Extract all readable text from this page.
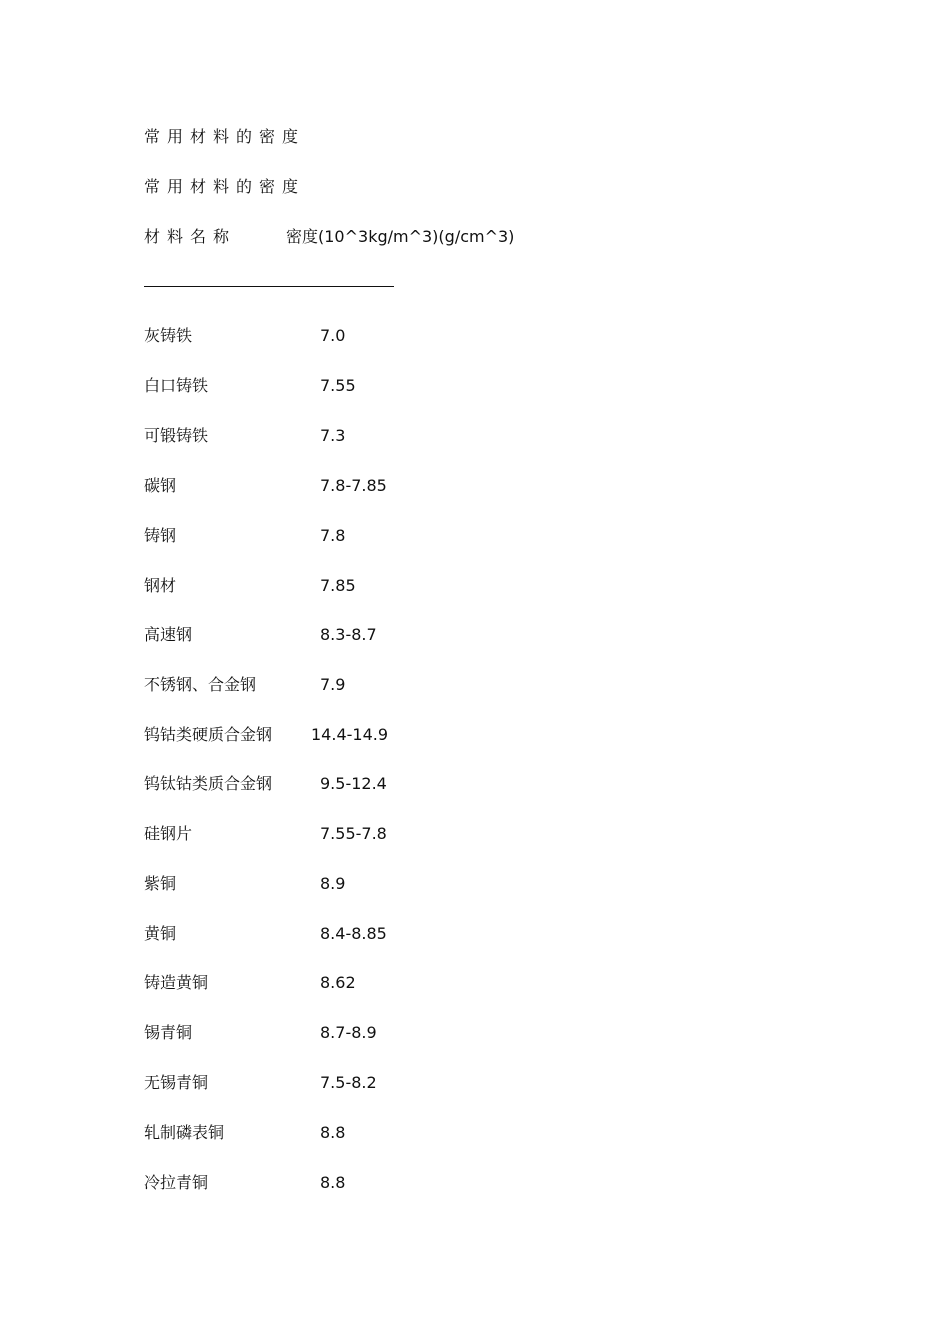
常用材料的密度
常用材料的密度
材料名称	密度(10^3kg/m^3)(g/cm^3)
灰铸铁	7.0
白口铸铁	7.55
可锻铸铁	7.3
碳钢	7.8-7.85
铸钢	7.8
钢材	7.85
高速钢	8.3-8.7
不锈钢、合金钢	7.9
钨钴类硬质合金钢 14.4-14.9
钨钛钴类质合金钢	9.5-12.4
硅钢片	7.55-7.8
紫铜	8.9
黄铜	8.4-8.85
铸造黄铜	8.62
锡青铜	8.7-8.9
无锡青铜	7.5-8.2
轧制磷表铜	8.8
冷拉青铜	8.8
